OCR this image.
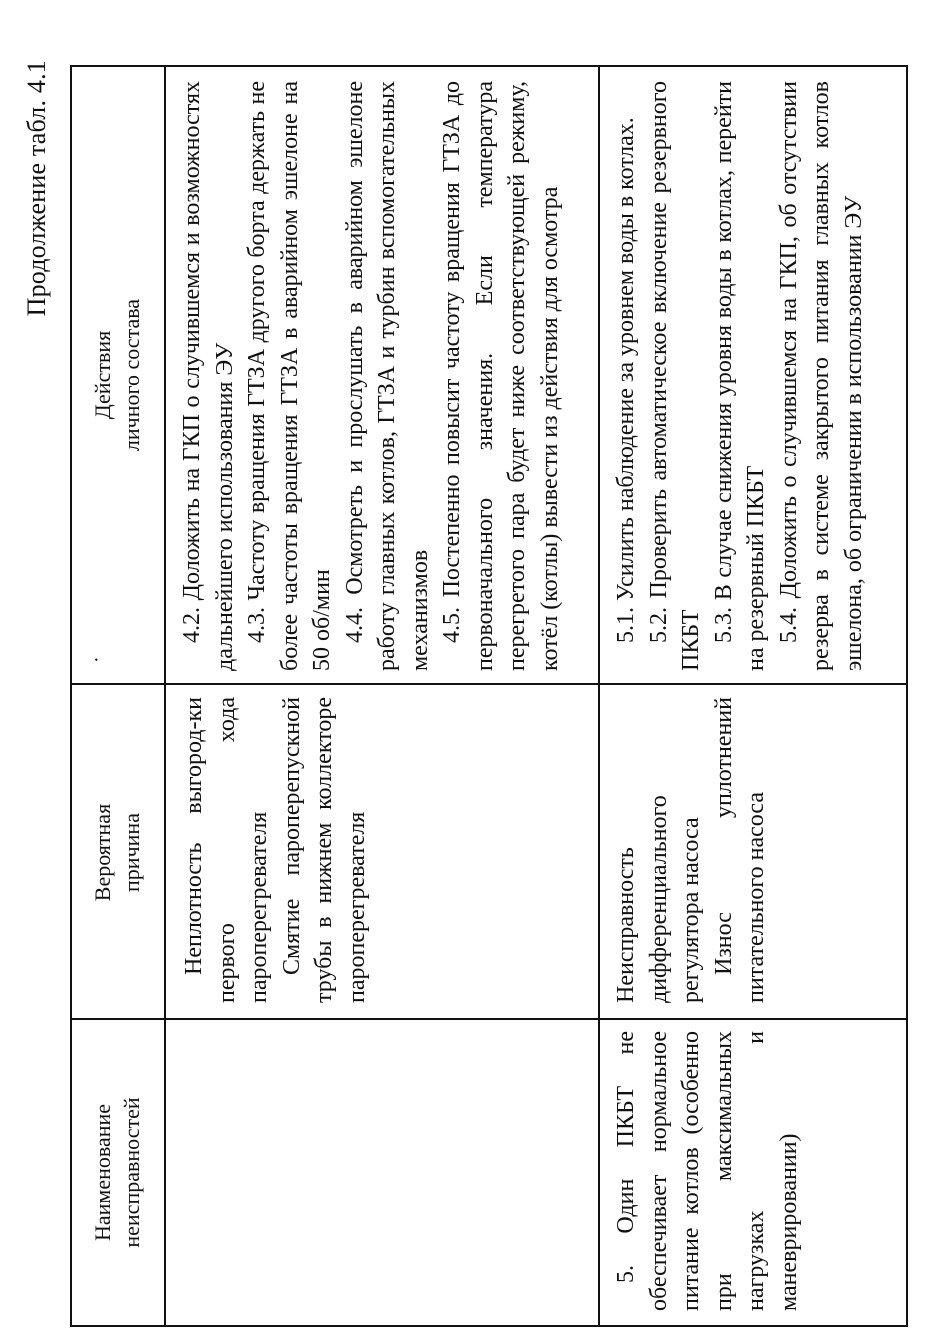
Продолжение табл. 4.1
Наименование неисправностей
Вероятная причина
Действия личного состава
·

Неплотность выгород-ки первого хода пароперегревателя Смятие пароперепускной трубы в нижнем коллекторе пароперегревателя

4.2. Доложить на ГКП о случившемся и возможностях дальнейшего использования ЭУ 4.3. Частоту вращения ГТЗА другого борта держать не более частоты вращения ГТЗА в аварийном эшелоне на 50 об/мин 4.4. Осмотреть и прослушать в аварийном эшелоне работу главных котлов, ГТЗА и турбин вспомогательных механизмов 4.5. Постепенно повысит частоту вращения ГТЗА до первоначального значения. Если температура перегретого пара будет ниже соответствующей режиму, котёл (котлы) вывести из действия для осмотра

5. Один ПКБТ не обеспечивает нормальное питание котлов (особенно при максимальных нагрузках и маневрировании)

Неисправность дифференциального регулятора насоса Износ уплотнений питательного насоса

5.1. Усилить наблюдение за уровнем воды в котлах. 5.2. Проверить автоматическое включение резервного ПКБТ 5.3. В случае снижения уровня воды в котлах, перейти на резервный ПКБТ 5.4. Доложить о случившемся на ГКП, об отсутствии резерва в системе закрытого питания главных котлов эшелона, об ограничении в использовании ЭУ
